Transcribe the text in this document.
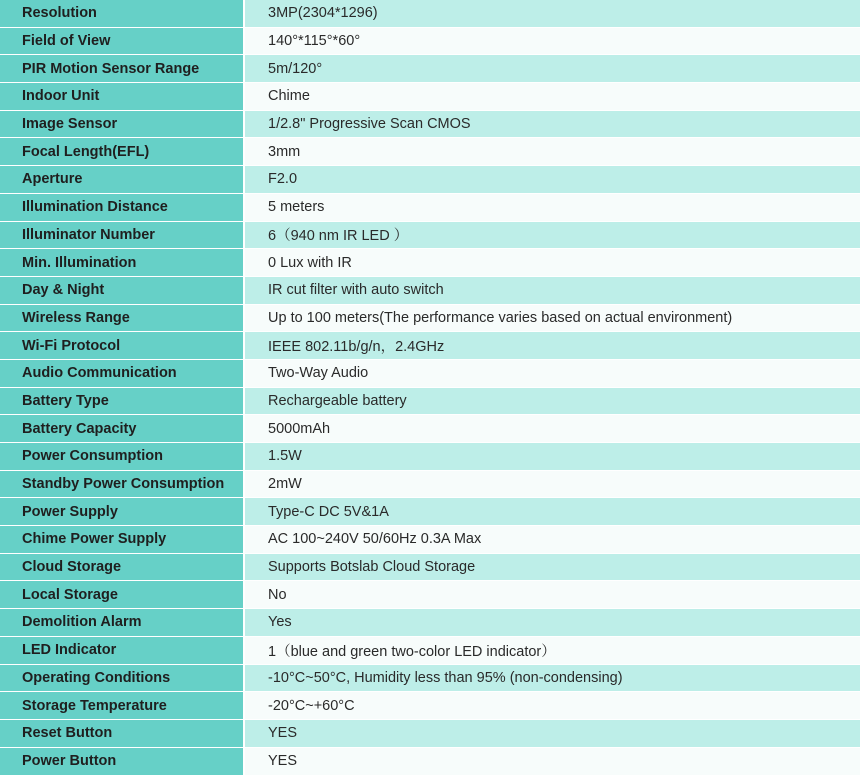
Resolution	3MP(2304*1296)
Field of View	140°*115°*60°
PIR Motion Sensor Range	5m/120°
Indoor Unit	Chime
Image Sensor	1/2.8" Progressive Scan CMOS
Focal Length(EFL)	3mm
Aperture	F2.0
Illumination Distance	5 meters
Illuminator Number	6（940 nm IR LED ）
Min. Illumination	0 Lux with IR
Day & Night	IR cut filter with auto switch
Wireless Range	Up to 100 meters(The performance varies based on actual environment)
Wi-Fi Protocol	IEEE 802.11b/g/n，2.4GHz
Audio Communication	Two-Way Audio
Battery Type	Rechargeable battery
Battery Capacity	5000mAh
Power Consumption	1.5W
Standby Power Consumption	2mW
Power Supply	Type-C DC 5V&1A
Chime Power Supply	AC 100~240V 50/60Hz 0.3A Max
Cloud Storage	Supports Botslab Cloud Storage
Local Storage	No
Demolition Alarm	Yes
LED Indicator	1（blue and green two-color LED indicator）
Operating Conditions	-10°C~50°C, Humidity less than 95% (non-condensing)
Storage Temperature	-20°C~+60°C
Reset Button	YES
Power Button	YES
